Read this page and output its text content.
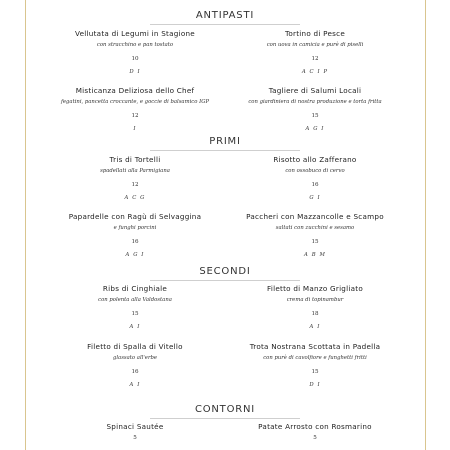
ANTIPASTI
Vellutata di Legumi in Stagione
con stracchino e pan tostato
10
D I
Tortino di Pesce
con uova in camicia e purè di piselli
12
A C I P
Misticanza Deliziosa dello Chef
fegatini, pancetta croccante, e goccie di balsamico IGP
12
I
Tagliere di Salumi Locali
con giardiniera di nostra produzione e torta fritta
15
A G I
PRIMI
Tris di Tortelli
spadellati alla Parmigiana
12
A C G
Risotto allo Zafferano
con ossobuco di cervo
16
G I
Papardelle con Ragù di Selvaggina
e funghi porcini
16
A G I
Paccheri con Mazzancolle e Scampo
saltati con zucchini e sesamo
15
A B M
SECONDI
Ribs di Cinghiale
con polenta alla Valdostana
15
A I
Filetto di Manzo Grigliato
crema di topinambur
18
A I
Filetto di Spalla di Vitello
glassato all'erbe
16
A I
Trota Nostrana Scottata in Padella
con purè di cavolfiore e funghetti fritti
15
D I
CONTORNI
Spinaci Sautée
5
Patate Arrosto con Rosmarino
5
